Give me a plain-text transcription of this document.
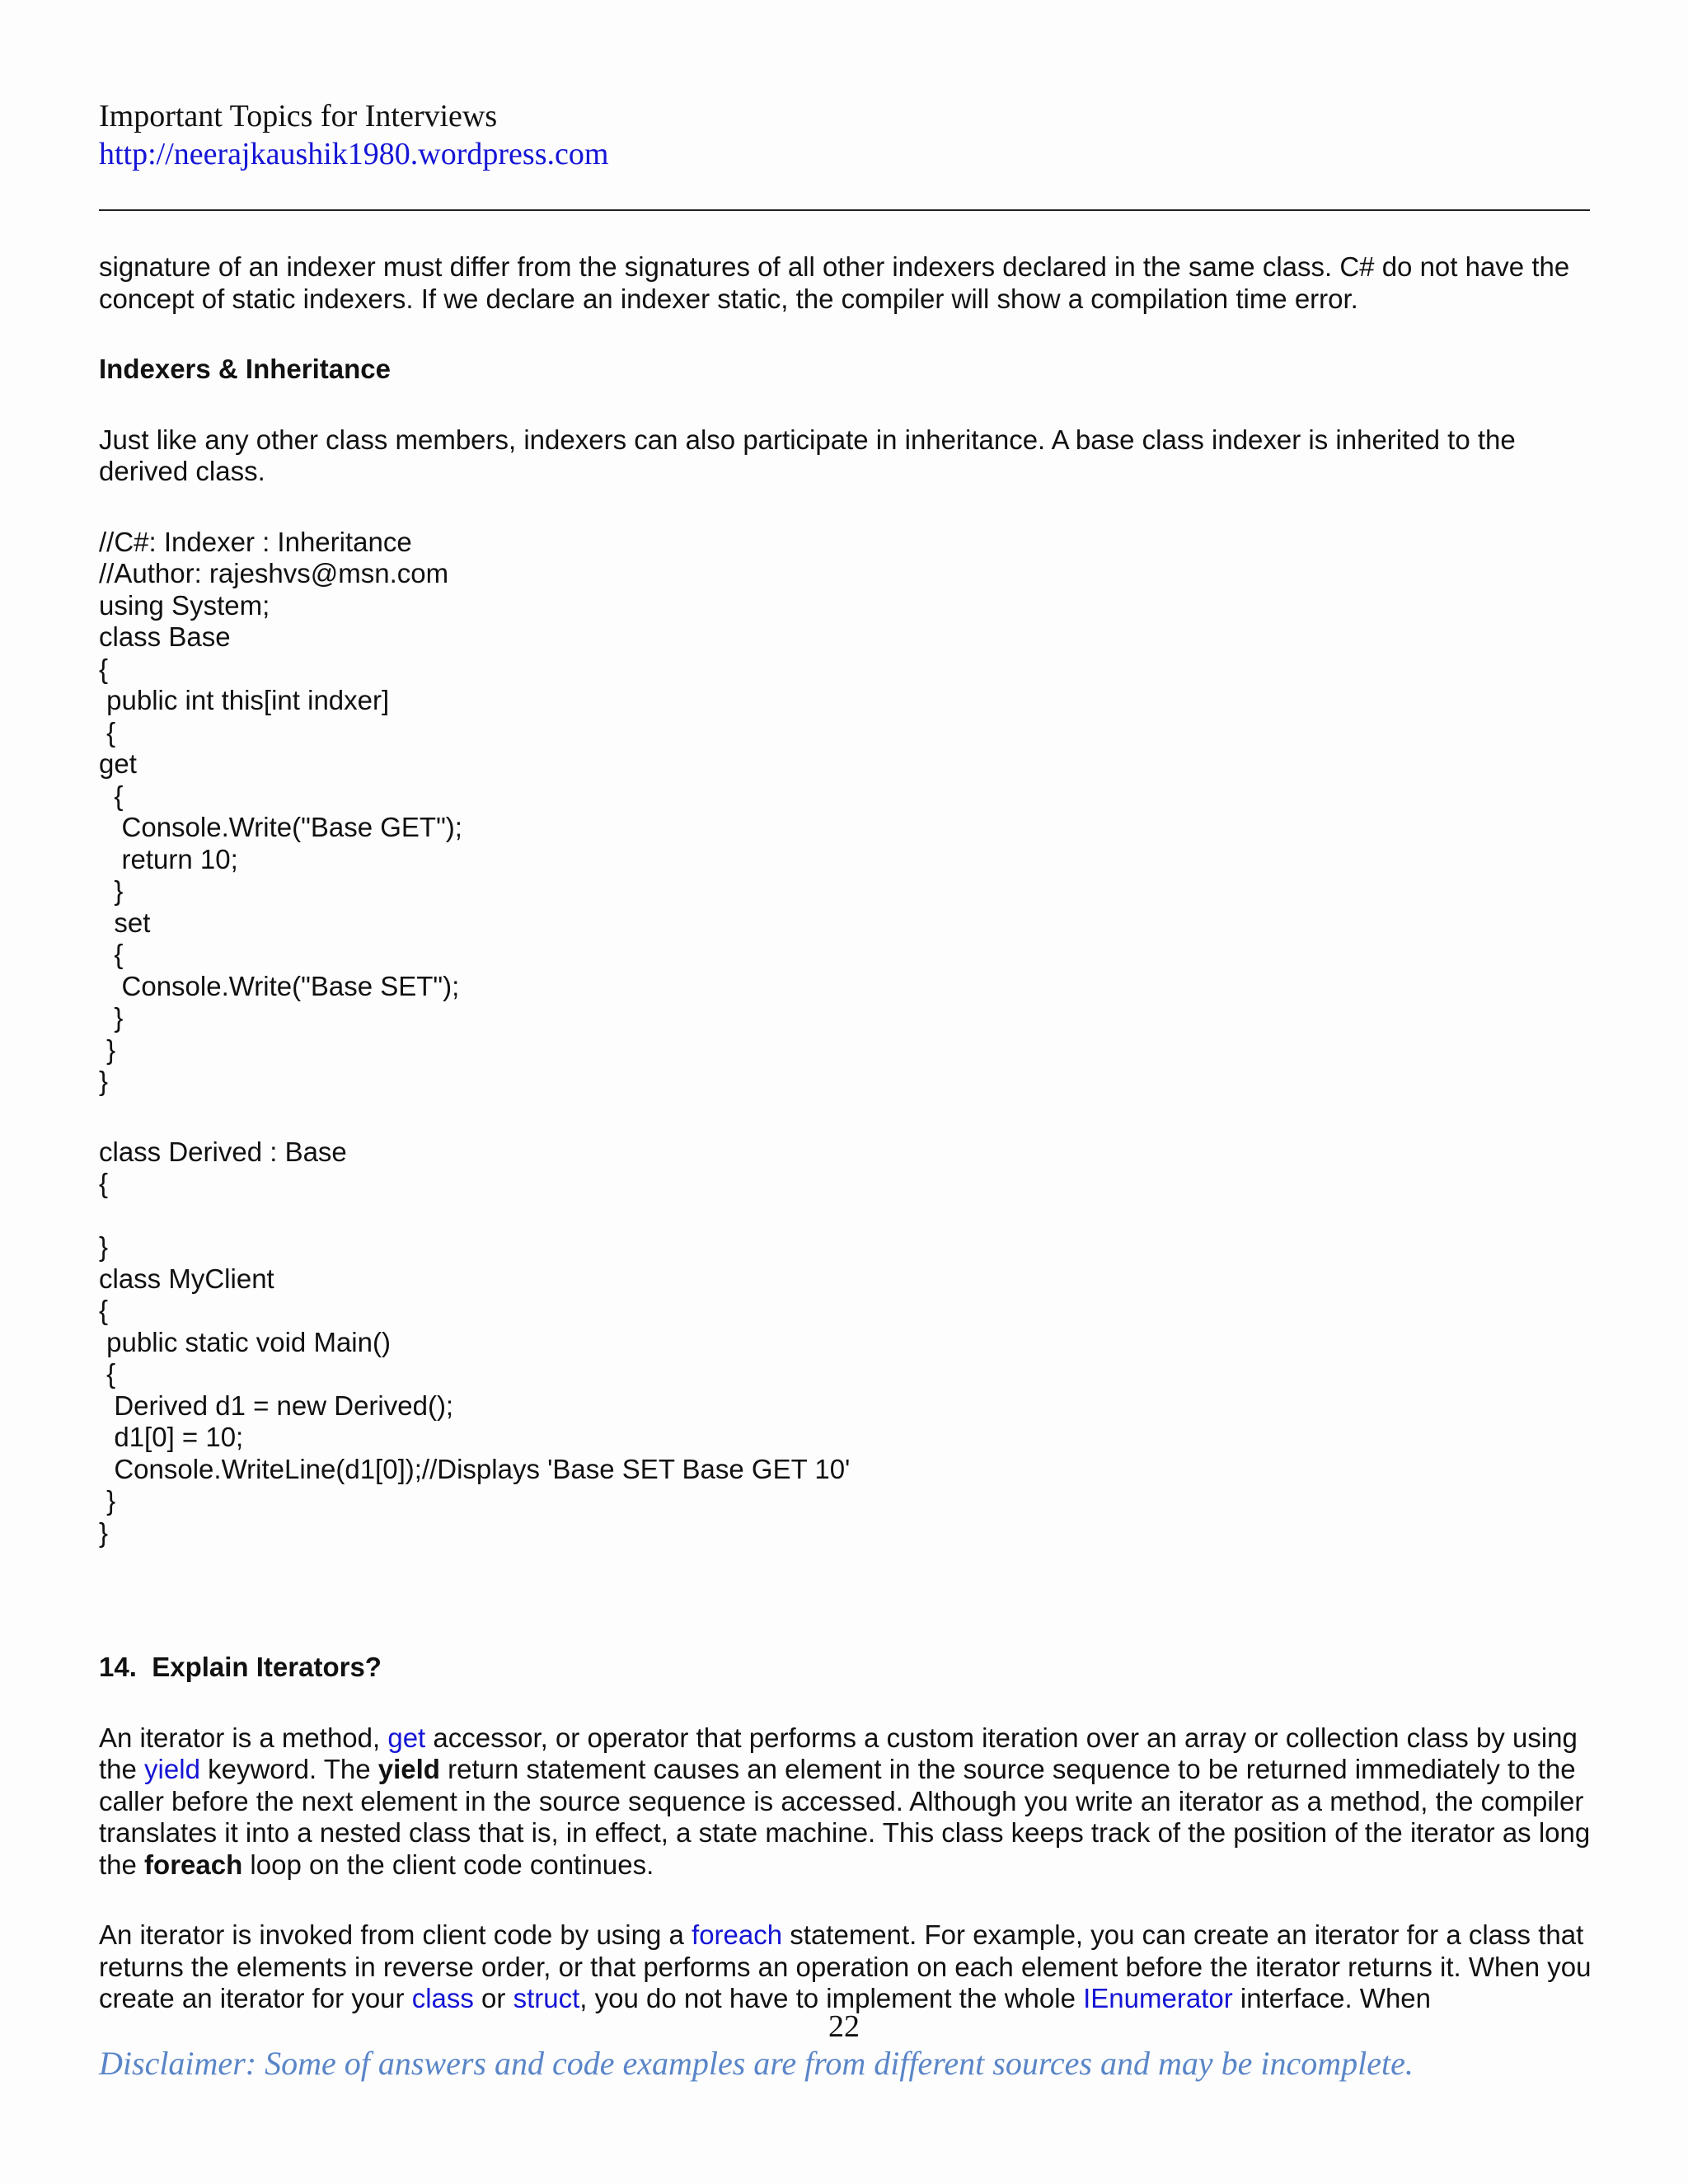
Important Topics for Interviews
http://neerajkaushik1980.wordpress.com

signature of an indexer must differ from the signatures of all other indexers declared in the same class. C# do not have the concept of static indexers. If we declare an indexer static, the compiler will show a compilation time error.

Indexers & Inheritance

Just like any other class members, indexers can also participate in inheritance. A base class indexer is inherited to the derived class.

//C#: Indexer : Inheritance
//Author: rajeshvs@msn.com
using System;
class Base
{
public int this[int indxer]
{
get
{
Console.Write("Base GET");
return 10;
}
set
{
Console.Write("Base SET");
}
}
}
class Derived : Base
{

}
class MyClient
{
public static void Main()
{
Derived d1 = new Derived();
d1[0] = 10;
Console.WriteLine(d1[0]);//Displays 'Base SET Base GET 10'
}
}

14. Explain Iterators?

An iterator is a method, get accessor, or operator that performs a custom iteration over an array or collection class by using the yield keyword. The yield return statement causes an element in the source sequence to be returned immediately to the caller before the next element in the source sequence is accessed. Although you write an iterator as a method, the compiler translates it into a nested class that is, in effect, a state machine. This class keeps track of the position of the iterator as long the foreach loop on the client code continues.

An iterator is invoked from client code by using a foreach statement. For example, you can create an iterator for a class that returns the elements in reverse order, or that performs an operation on each element before the iterator returns it. When you create an iterator for your class or struct, you do not have to implement the whole IEnumerator interface. When

22
Disclaimer: Some of answers and code examples are from different sources and may be incomplete.
